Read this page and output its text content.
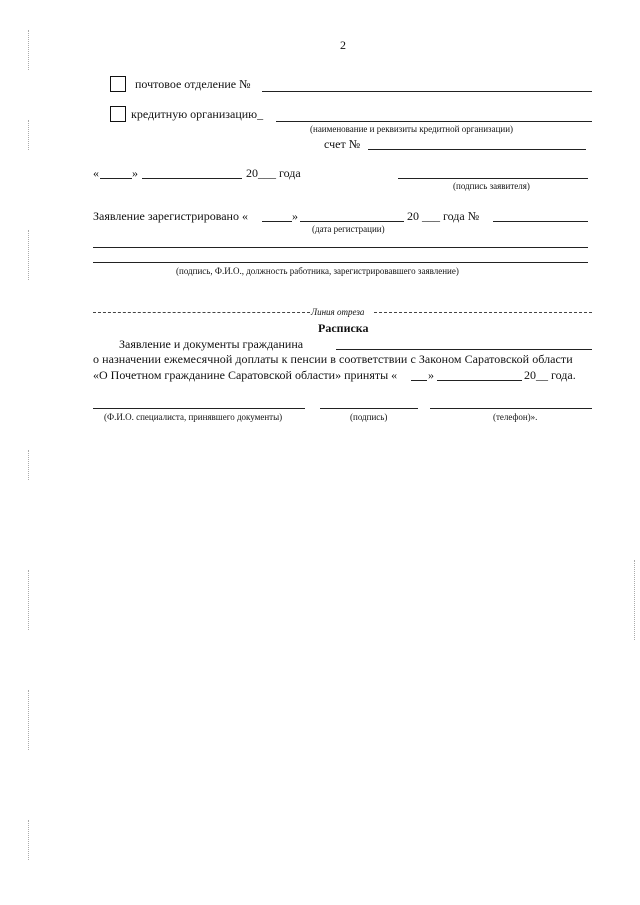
2
почтовое отделение №
кредитную организацию_
(наименование и реквизиты кредитной организации)
счет №
«	»	20___ года
(подпись заявителя)
Заявление зарегистрировано «	»	20 ___ года №
(дата регистрации)
(подпись, Ф.И.О., должность работника, зарегистрировавшего заявление)
Линия отреза
Расписка
Заявление и документы гражданина
о назначении ежемесячной доплаты к пенсии в соответствии с Законом Саратовской области
«О Почетном гражданине Саратовской области» приняты «	»	20__ года.
(Ф.И.О. специалиста, принявшего документы)	(подпись)	(телефон)».
